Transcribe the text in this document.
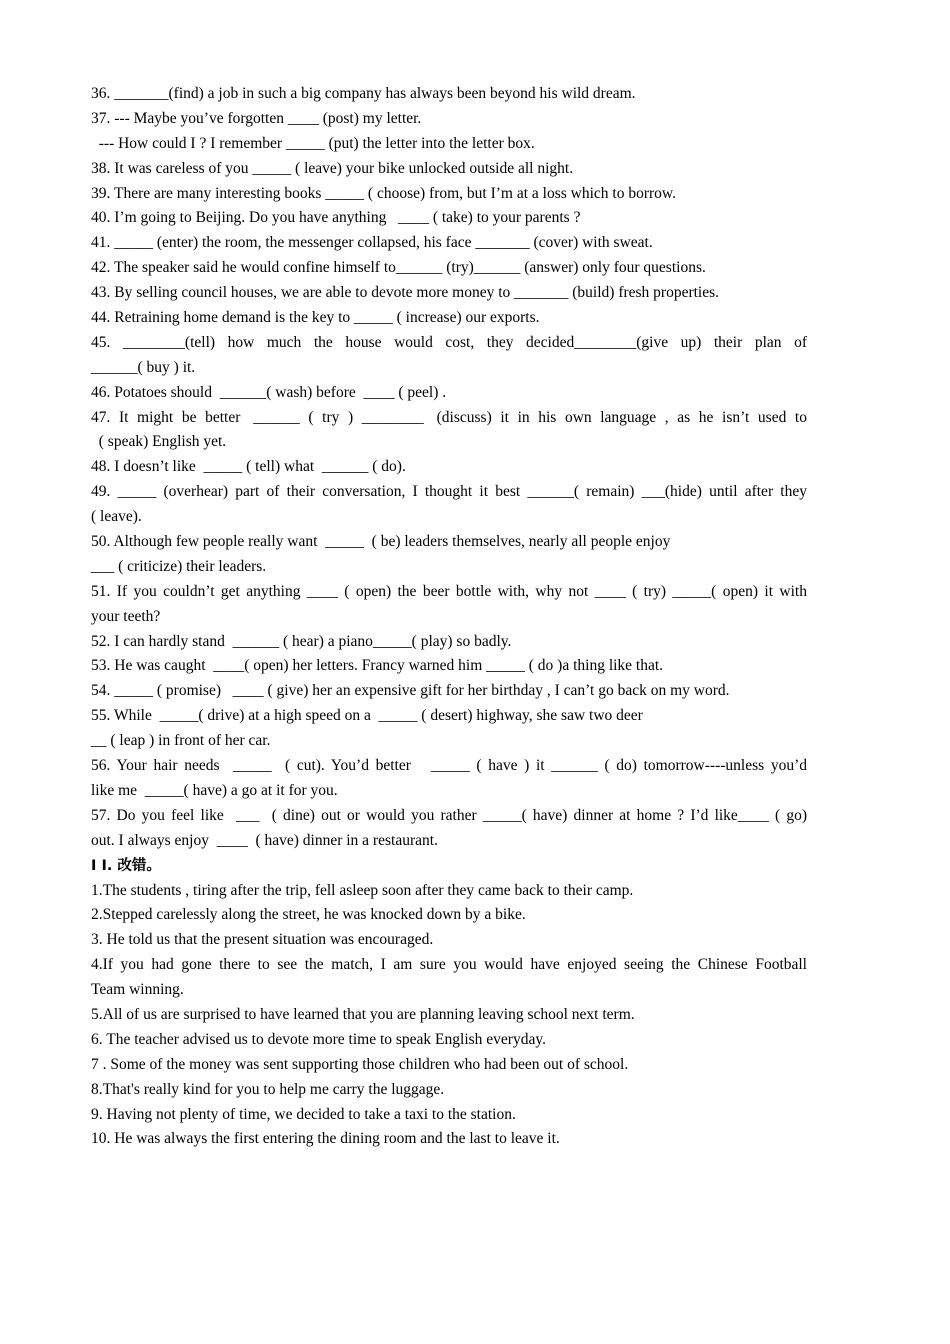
36. _______(find) a job in such a big company has always been beyond his wild dream.
37. --- Maybe you’ve forgotten ____ (post) my letter.
--- How could I ? I remember _____ (put) the letter into the letter box.
38. It was careless of you _____ ( leave) your bike unlocked outside all night.
39. There are many interesting books _____ ( choose) from, but I’m at a loss which to borrow.
40. I’m going to Beijing. Do you have anything   ____ ( take) to your parents ?
41. _____ (enter) the room, the messenger collapsed, his face _______ (cover) with sweat.
42. The speaker said he would confine himself to______ (try)______ (answer) only four questions.
43. By selling council houses, we are able to devote more money to _______ (build) fresh properties.
44. Retraining home demand is the key to _____ ( increase) our exports.
45.  ________(tell)  how  much  the  house  would  cost,  they  decided________(give  up)  their  plan  of
______( buy ) it.
46. Potatoes should  ______( wash) before  ____ ( peel) .
47.  It  might  be  better   ______  (  try  )  ________   (discuss)  it  in  his  own  language  ,  as  he  isn’t  used  to
( speak) English yet.
48. I doesn’t like  _____ ( tell) what  ______ ( do).
49. _____ (overhear) part of their conversation, I thought it best ______( remain) ___(hide) until after they
( leave).
50. Although few people really want  _____  ( be) leaders themselves, nearly all people enjoy
___ ( criticize) their leaders.
51. If you couldn’t get anything ____ ( open) the beer bottle with, why not ____ ( try) _____( open) it with
your teeth?
52. I can hardly stand  ______ ( hear) a piano_____( play) so badly.
53. He was caught  ____( open) her letters. Francy warned him _____ ( do )a thing like that.
54. _____ ( promise)   ____ ( give) her an expensive gift for her birthday , I can’t go back on my word.
55. While  _____( drive) at a high speed on a  _____ ( desert) highway, she saw two deer
__ ( leap ) in front of her car.
56. Your hair needs  _____  ( cut). You’d better   _____ ( have ) it ______ ( do) tomorrow----unless you’d
like me  _____( have) a go at it for you.
57. Do you feel like  ___  ( dine) out or would you rather _____( have) dinner at home ? I’d like____ ( go)
out. I always enjoy  ____  ( have) dinner in a restaurant.
I I. 改错。
1.The students , tiring after the trip, fell asleep soon after they came back to their camp.
2.Stepped carelessly along the street, he was knocked down by a bike.
3. He told us that the present situation was encouraged.
4.If you had gone there to see the match, I am sure you would have enjoyed seeing the Chinese Football
Team winning.
5.All of us are surprised to have learned that you are planning leaving school next term.
6. The teacher advised us to devote more time to speak English everyday.
7 . Some of the money was sent supporting those children who had been out of school.
8.That's really kind for you to help me carry the luggage.
9. Having not plenty of time, we decided to take a taxi to the station.
10. He was always the first entering the dining room and the last to leave it.
